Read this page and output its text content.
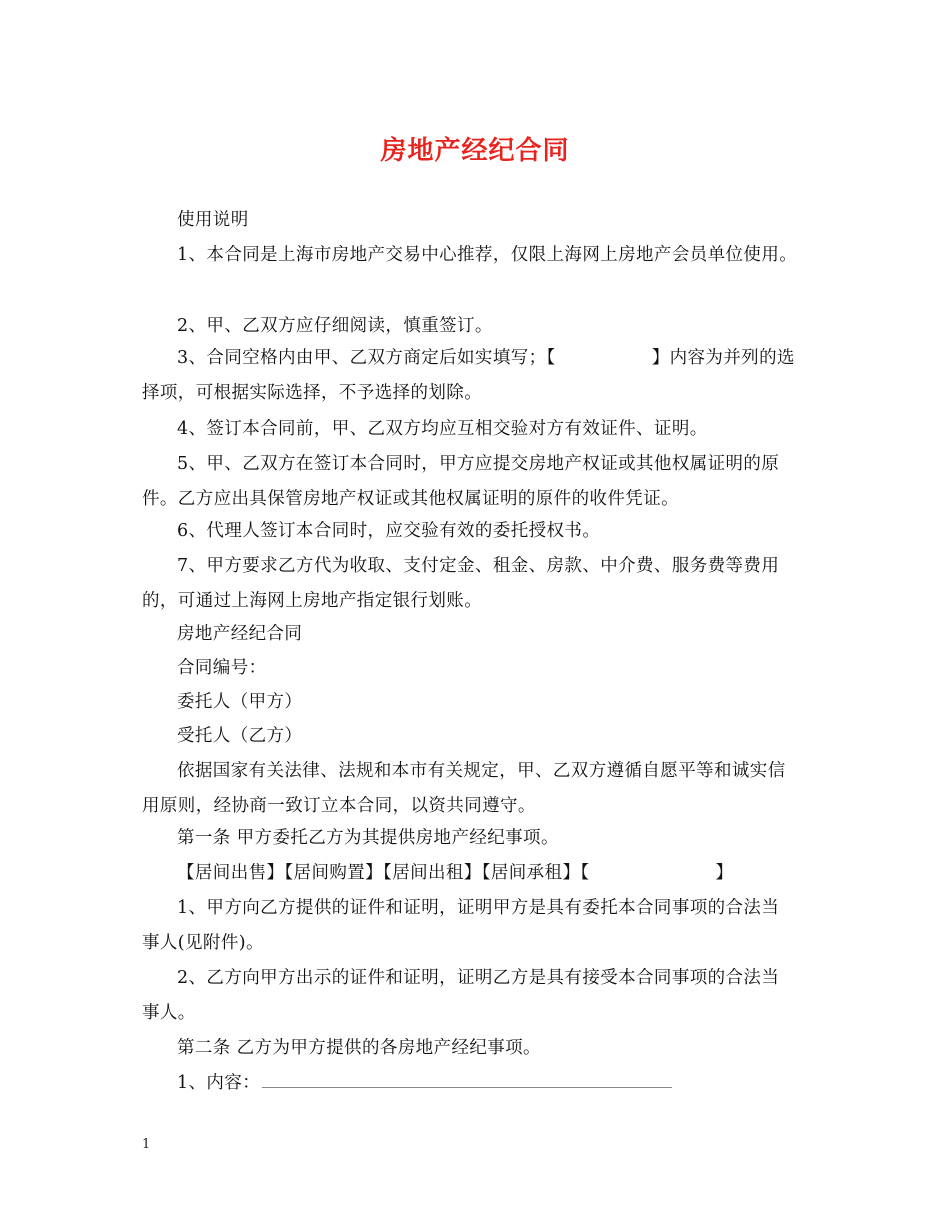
房地产经纪合同
使用说明
1、本合同是上海市房地产交易中心推荐，仅限上海网上房地产会员单位使用。
2、甲、乙双方应仔细阅读，慎重签订。
3、合同空格内由甲、乙双方商定后如实填写；【	】内容为并列的选
择项，可根据实际选择，不予选择的划除。
4、签订本合同前，甲、乙双方均应互相交验对方有效证件、证明。
5、甲、乙双方在签订本合同时，甲方应提交房地产权证或其他权属证明的原
件。乙方应出具保管房地产权证或其他权属证明的原件的收件凭证。
6、代理人签订本合同时，应交验有效的委托授权书。
7、甲方要求乙方代为收取、支付定金、租金、房款、中介费、服务费等费用
的，可通过上海网上房地产指定银行划账。
房地产经纪合同
合同编号：
委托人（甲方）
受托人（乙方）
依据国家有关法律、法规和本市有关规定，甲、乙双方遵循自愿平等和诚实信
用原则，经协商一致订立本合同，以资共同遵守。
第一条 甲方委托乙方为其提供房地产经纪事项。
【居间出售】【居间购置】【居间出租】【居间承租】【	】
1、甲方向乙方提供的证件和证明，证明甲方是具有委托本合同事项的合法当
事人(见附件)。
2、乙方向甲方出示的证件和证明，证明乙方是具有接受本合同事项的合法当
事人。
第二条 乙方为甲方提供的各房地产经纪事项。
1、内容：
1
